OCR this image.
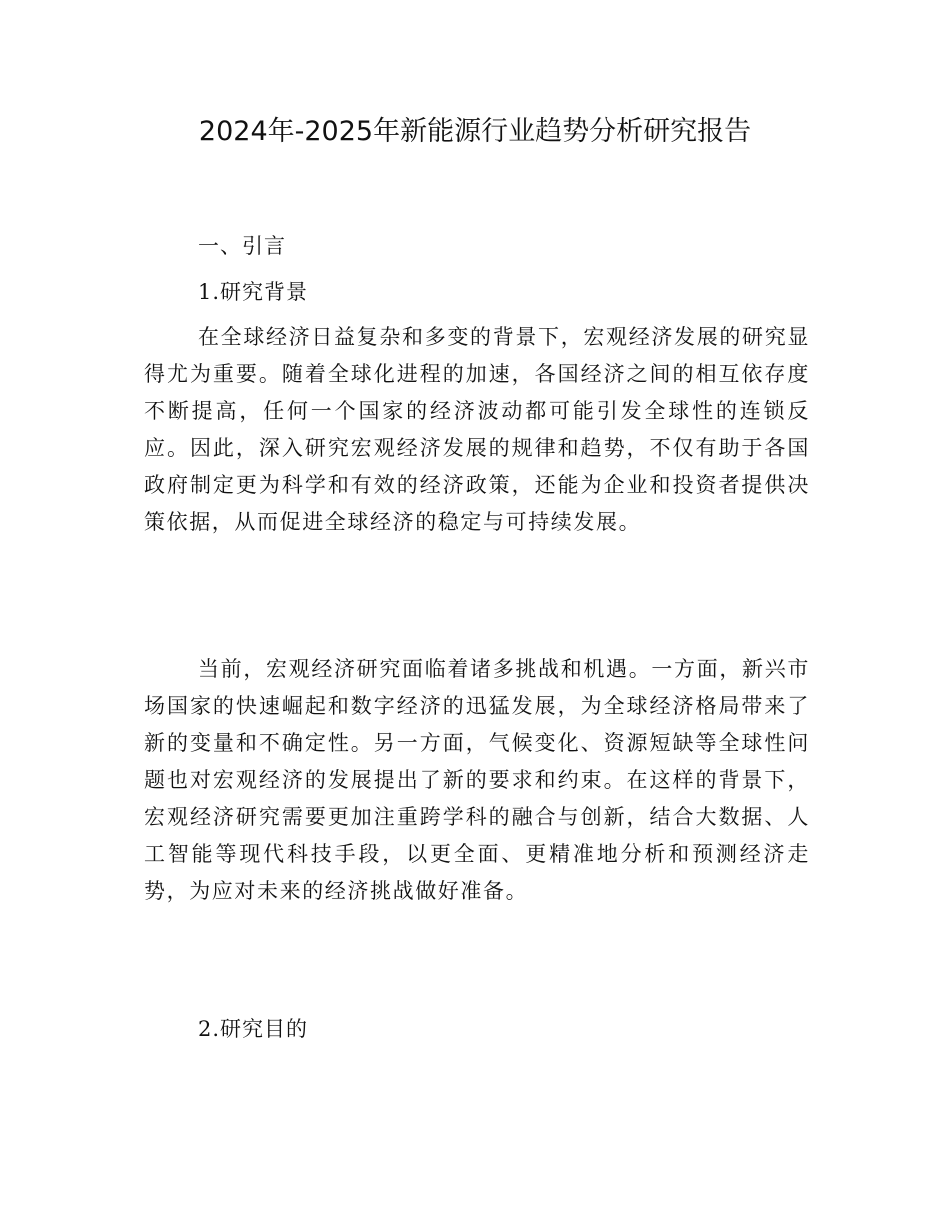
2024年-2025年新能源行业趋势分析研究报告
一、引言
1.研究背景
在全球经济日益复杂和多变的背景下，宏观经济发展的研究显得尤为重要。随着全球化进程的加速，各国经济之间的相互依存度不断提高，任何一个国家的经济波动都可能引发全球性的连锁反应。因此，深入研究宏观经济发展的规律和趋势，不仅有助于各国政府制定更为科学和有效的经济政策，还能为企业和投资者提供决策依据，从而促进全球经济的稳定与可持续发展。
当前，宏观经济研究面临着诸多挑战和机遇。一方面，新兴市场国家的快速崛起和数字经济的迅猛发展，为全球经济格局带来了新的变量和不确定性。另一方面，气候变化、资源短缺等全球性问题也对宏观经济的发展提出了新的要求和约束。在这样的背景下，宏观经济研究需要更加注重跨学科的融合与创新，结合大数据、人工智能等现代科技手段，以更全面、更精准地分析和预测经济走势，为应对未来的经济挑战做好准备。
2.研究目的
